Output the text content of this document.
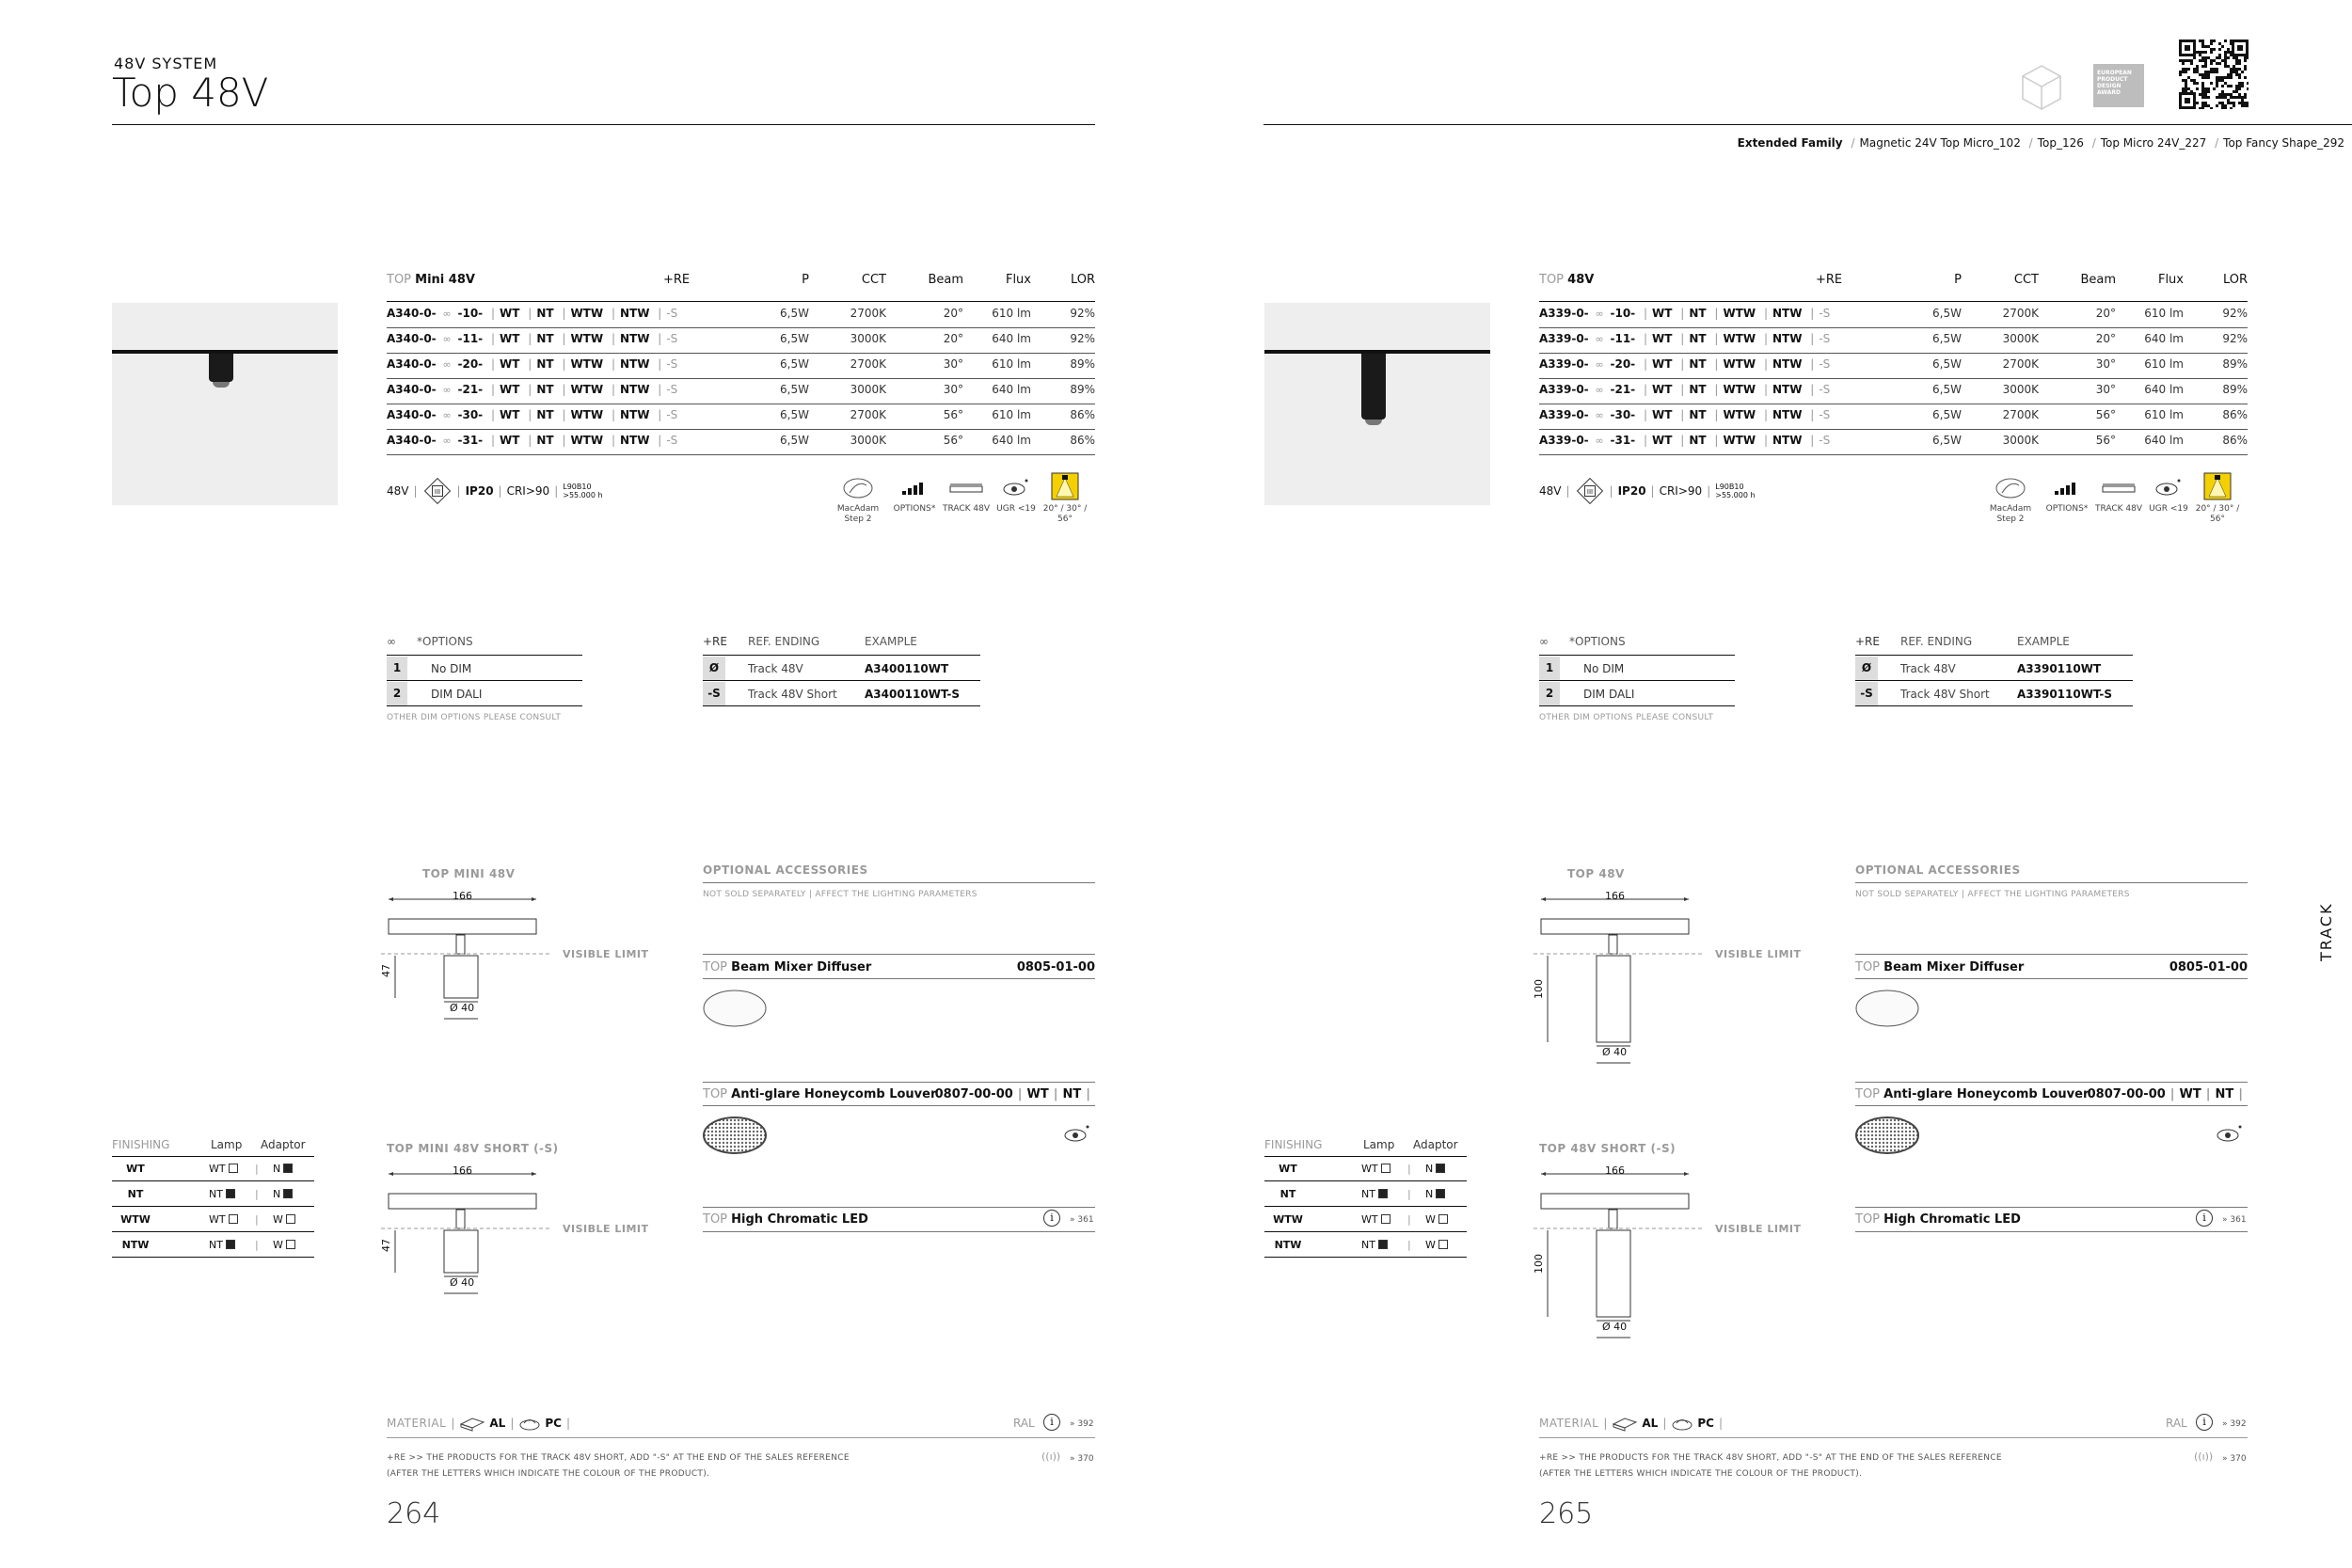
48V SYSTEM
Top 48V
TOP Mini 48V	+RE	P	CCT	Beam	Flux	LOR
A340-0- ∞ -10- | WT | NT | WTW | NTW | -S	6,5W	2700K	20°	610 lm	92%
A340-0- ∞ -11- | WT | NT | WTW | NTW | -S	6,5W	3000K	20°	640 lm	92%
A340-0- ∞ -20- | WT | NT | WTW | NTW | -S	6,5W	2700K	30°	610 lm	89%
A340-0- ∞ -21- | WT | NT | WTW | NTW | -S	6,5W	3000K	30°	640 lm	89%
A340-0- ∞ -30- | WT | NT | WTW | NTW | -S	6,5W	2700K	56°	610 lm	86%
A340-0- ∞ -31- | WT | NT | WTW | NTW | -S	6,5W	3000K	56°	640 lm	86%
48V |	III	| IP20 | CRI>90 | L90B10
>55.000 h
MacAdam
Step 2
OPTIONS* TRACK 48V UGR <19 20° / 30° / 56°
∞ *OPTIONS
1	No DIM
2	DIM DALI
OTHER DIM OPTIONS PLEASE CONSULT
+RE REF. ENDING	EXAMPLE
Ø	Track 48V	A3400110WT
-S	Track 48V Short A3400110WT-S
TOP MINI 48V
166
VISIBLE LIMIT
47
Ø 40
TOP MINI 48V SHORT (-S)
166
VISIBLE LIMIT
47
Ø 40
FINISHING	Lamp Adaptor
WT	WT	| N
NT	NT	| N
WTW	WT	| W
NTW	NT	| W
OPTIONAL ACCESSORIES
NOT SOLD SEPARATELY | AFFECT THE LIGHTING PARAMETERS
TOP Beam Mixer Diffuser	0805-01-00
TOP Anti-glare Honeycomb Louver
0807-00-00 | WT | NT |
TOP High Chromatic LED	i	» 361
MATERIAL |	AL |	PC |	RAL	i	» 392
+RE >> THE PRODUCTS FOR THE TRACK 48V SHORT, ADD "-S" AT THE END OF THE SALES REFERENCE
(AFTER THE LETTERS WHICH INDICATE THE COLOUR OF THE PRODUCT).
((ı)) » 370
264
Extended Family / Magnetic 24V Top Micro_102 / Top_126 / Top Micro 24V_227 / Top Fancy Shape_292
EUROPEAN PRODUCT DESIGN AWARD
TRACK
TOP 48V	+RE	P	CCT	Beam	Flux	LOR
A339-0- ∞ -10- | WT | NT | WTW | NTW | -S	6,5W	2700K	20°	610 lm	92%
A339-0- ∞ -11- | WT | NT | WTW | NTW | -S	6,5W	3000K	20°	640 lm	92%
A339-0- ∞ -20- | WT | NT | WTW | NTW | -S	6,5W	2700K	30°	610 lm	89%
A339-0- ∞ -21- | WT | NT | WTW | NTW | -S	6,5W	3000K	30°	640 lm	89%
A339-0- ∞ -30- | WT | NT | WTW | NTW | -S	6,5W	2700K	56°	610 lm	86%
A339-0- ∞ -31- | WT | NT | WTW | NTW | -S	6,5W	3000K	56°	640 lm	86%
48V |	III	| IP20 | CRI>90 | L90B10
>55.000 h
MacAdam
Step 2
OPTIONS* TRACK 48V UGR <19 20° / 30° / 56°
∞ *OPTIONS
1	No DIM
2	DIM DALI
OTHER DIM OPTIONS PLEASE CONSULT
+RE REF. ENDING	EXAMPLE
Ø	Track 48V	A3390110WT
-S	Track 48V Short A3390110WT-S
TOP 48V
166
VISIBLE LIMIT
100
Ø 40
TOP 48V SHORT (-S)
166
VISIBLE LIMIT
100
Ø 40
FINISHING	Lamp Adaptor
WT	WT	| N
NT	NT	| N
WTW	WT	| W
NTW	NT	| W
OPTIONAL ACCESSORIES
NOT SOLD SEPARATELY | AFFECT THE LIGHTING PARAMETERS
TOP Beam Mixer Diffuser	0805-01-00
TOP Anti-glare Honeycomb Louver
0807-00-00 | WT | NT |
TOP High Chromatic LED	i	» 361
MATERIAL |	AL |	PC |	RAL	i	» 392
+RE >> THE PRODUCTS FOR THE TRACK 48V SHORT, ADD "-S" AT THE END OF THE SALES REFERENCE
(AFTER THE LETTERS WHICH INDICATE THE COLOUR OF THE PRODUCT).
((ı)) » 370
265
